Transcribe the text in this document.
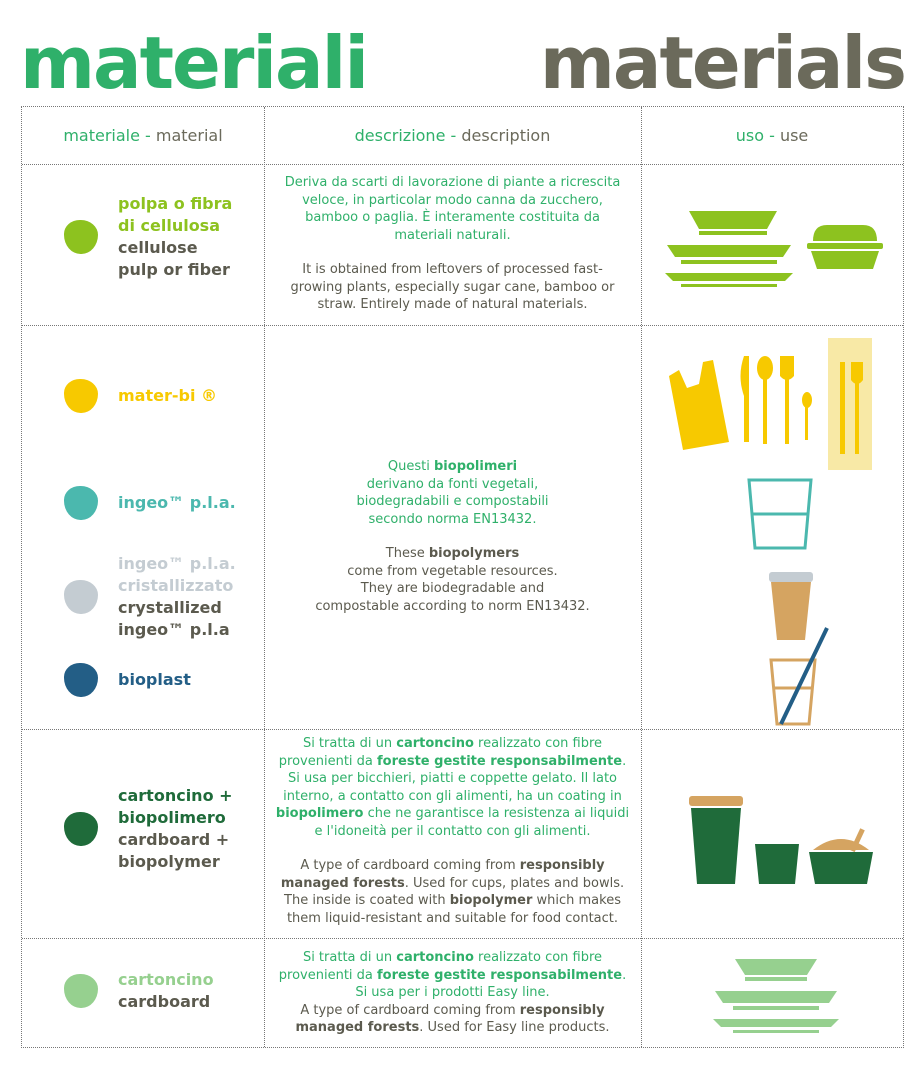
materiali materials
materiale - material	descrizione - description	uso - use
polpa o fibra
di cellulosa
cellulose
pulp or fiber
Deriva da scarti di lavorazione di piante a ricrescita veloce, in particolar modo canna da zucchero, bamboo o paglia. È interamente costituita da materiali naturali.
It is obtained from leftovers of processed fast-growing plants, especially sugar cane, bamboo or straw. Entirely made of natural materials.
mater-bi ®
ingeo™ p.l.a.
ingeo™ p.l.a.
cristallizzato
crystallized
ingeo™ p.l.a
bioplast
Questi biopolimeri
derivano da fonti vegetali,
biodegradabili e compostabili
secondo norma EN13432.
These biopolymers
come from vegetable resources.
They are biodegradable and
compostable according to norm EN13432.
cartoncino +
biopolimero
cardboard +
biopolymer
Si tratta di un cartoncino realizzato con fibre provenienti da foreste gestite responsabilmente. Si usa per bicchieri, piatti e coppette gelato. Il lato interno, a contatto con gli alimenti, ha un coating in biopolimero che ne garantisce la resistenza ai liquidi e l'idoneità per il contatto con gli alimenti.
A type of cardboard coming from responsibly managed forests. Used for cups, plates and bowls. The inside is coated with biopolymer which makes them liquid-resistant and suitable for food contact.
cartoncino
cardboard
Si tratta di un cartoncino realizzato con fibre provenienti da foreste gestite responsabilmente. Si usa per i prodotti Easy line.
A type of cardboard coming from responsibly managed forests. Used for Easy line products.
